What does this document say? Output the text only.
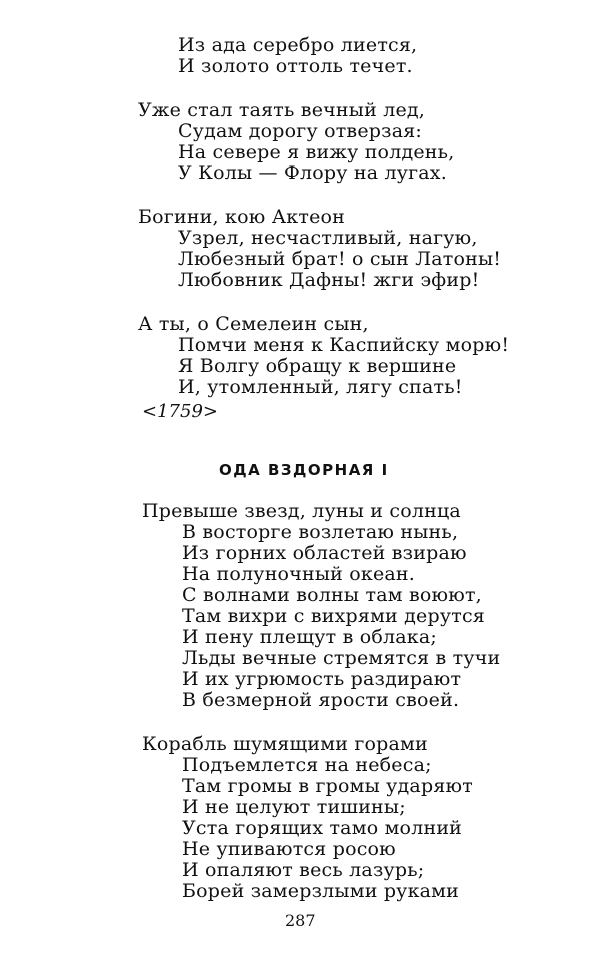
Из ада серебро лиется,
И золото оттоль течет.
Уже стал таять вечный лед,
Судам дорогу отверзая:
На севере я вижу полдень,
У Колы — Флору на лугах.
Богини, кою Актеон
Узрел, несчастливый, нагую,
Любезный брат! о сын Латоны!
Любовник Дафны! жги эфир!
А ты, о Семелеин сын,
Помчи меня к Каспийску морю!
Я Волгу обращу к вершине
И, утомленный, лягу спать!
<1759>
ОДА ВЗДОРНАЯ I
Превыше звезд, луны и солнца
В восторге возлетаю нынь,
Из горних областей взираю
На полуночный океан.
С волнами волны там воюют,
Там вихри с вихрями дерутся
И пену плещут в облака;
Льды вечные стремятся в тучи
И их угрюмость раздирают
В безмерной ярости своей.
Корабль шумящими горами
Подъемлется на небеса;
Там громы в громы ударяют
И не целуют тишины;
Уста горящих тамо молний
Не упиваются росою
И опаляют весь лазурь;
Борей замерзлыми руками
287
